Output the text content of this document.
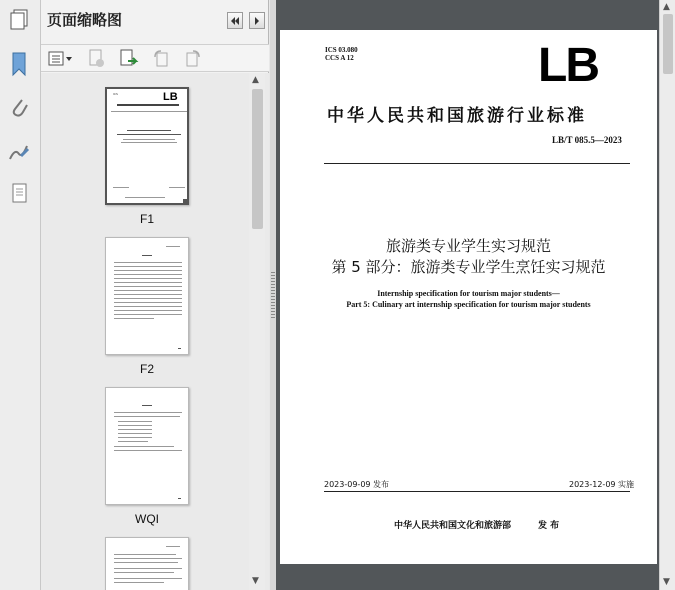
页面缩略图
ICS	LB
F1
F2
WQI
▲
▼
ICS 03.080
CCS A 12	LB
中华人民共和国旅游行业标准
LB/T 085.5—2023
旅游类专业学生实习规范
第 5 部分：旅游类专业学生烹饪实习规范
Internship specification for tourism major students—
Part 5: Culinary art internship specification for tourism major students
2023-09-09 发布	2023-12-09 实施
中华人民共和国文化和旅游部	发 布
▲
▼
